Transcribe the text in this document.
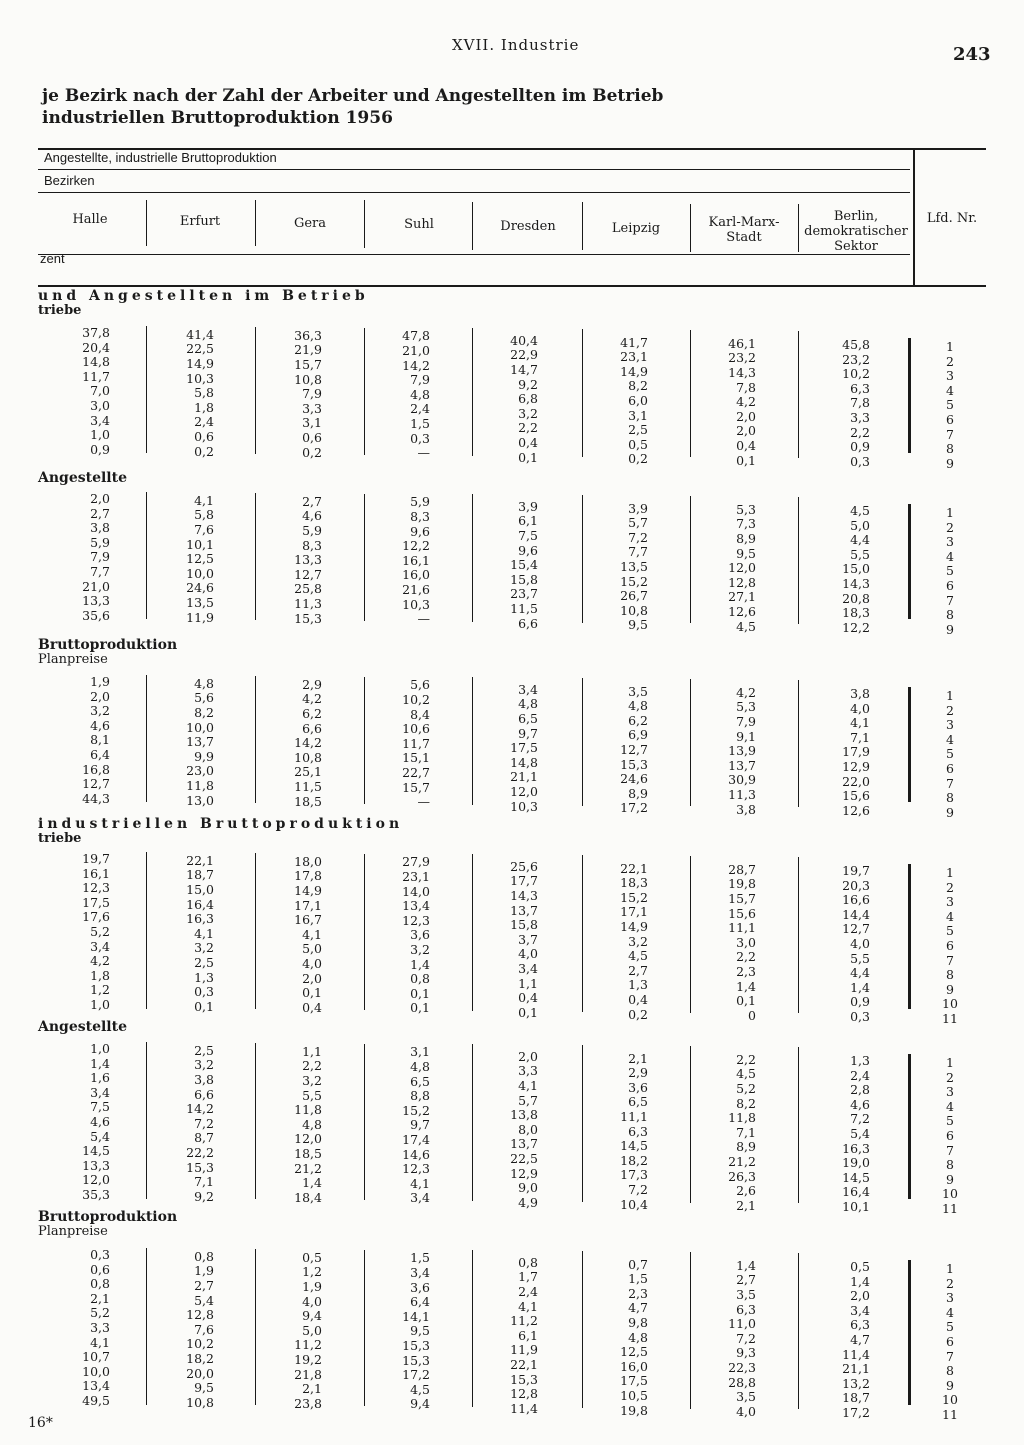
XVII. Industrie	243
je Bezirk nach der Zahl der Arbeiter und Angestellten im Betrieb
industriellen Bruttoproduktion 1956
Angestellte, industrielle Bruttoproduktion
Bezirken
Halle	Erfurt	Gera	Suhl	Dresden	Leipzig	Karl-Marx-
Stadt
Berlin,
demokratischer
Sektor
Lfd. Nr.
zent
und Angestellten im Betrieb
triebe
37,8	41,4	36,3	47,8	40,4	41,7	46,1	45,8	1
20,4	22,5	21,9	21,0	22,9	23,1	23,2	23,2	2
14,8	14,9	15,7	14,2	14,7	14,9	14,3	10,2	3
11,7	10,3	10,8	7,9	9,2	8,2	7,8	6,3	4
7,0	5,8	7,9	4,8	6,8	6,0	4,2	7,8	5
3,0	1,8	3,3	2,4	3,2	3,1	2,0	3,3	6
3,4	2,4	3,1	1,5	2,2	2,5	2,0	2,2	7
1,0	0,6	0,6	0,3	0,4	0,5	0,4	0,9	8
0,9	0,2	0,2	—	0,1	0,2	0,1	0,3	9
Angestellte
2,0	4,1	2,7	5,9	3,9	3,9	5,3	4,5	1
2,7	5,8	4,6	8,3	6,1	5,7	7,3	5,0	2
3,8	7,6	5,9	9,6	7,5	7,2	8,9	4,4	3
5,9	10,1	8,3	12,2	9,6	7,7	9,5	5,5	4
7,9	12,5	13,3	16,1	15,4	13,5	12,0	15,0	5
7,7	10,0	12,7	16,0	15,8	15,2	12,8	14,3	6
21,0	24,6	25,8	21,6	23,7	26,7	27,1	20,8	7
13,3	13,5	11,3	10,3	11,5	10,8	12,6	18,3	8
35,6	11,9	15,3	—	6,6	9,5	4,5	12,2	9
Bruttoproduktion
Planpreise
1,9	4,8	2,9	5,6	3,4	3,5	4,2	3,8	1
2,0	5,6	4,2	10,2	4,8	4,8	5,3	4,0	2
3,2	8,2	6,2	8,4	6,5	6,2	7,9	4,1	3
4,6	10,0	6,6	10,6	9,7	6,9	9,1	7,1	4
8,1	13,7	14,2	11,7	17,5	12,7	13,9	17,9	5
6,4	9,9	10,8	15,1	14,8	15,3	13,7	12,9	6
16,8	23,0	25,1	22,7	21,1	24,6	30,9	22,0	7
12,7	11,8	11,5	15,7	12,0	8,9	11,3	15,6	8
44,3	13,0	18,5	—	10,3	17,2	3,8	12,6	9
industriellen Bruttoproduktion
triebe
19,7	22,1	18,0	27,9	25,6	22,1	28,7	19,7	1
16,1	18,7	17,8	23,1	17,7	18,3	19,8	20,3	2
12,3	15,0	14,9	14,0	14,3	15,2	15,7	16,6	3
17,5	16,4	17,1	13,4	13,7	17,1	15,6	14,4	4
17,6	16,3	16,7	12,3	15,8	14,9	11,1	12,7	5
5,2	4,1	4,1	3,6	3,7	3,2	3,0	4,0	6
3,4	3,2	5,0	3,2	4,0	4,5	2,2	5,5	7
4,2	2,5	4,0	1,4	3,4	2,7	2,3	4,4	8
1,8	1,3	2,0	0,8	1,1	1,3	1,4	1,4	9
1,2	0,3	0,1	0,1	0,4	0,4	0,1	0,9	10
1,0	0,1	0,4	0,1	0,1	0,2	0	0,3	11
Angestellte
1,0	2,5	1,1	3,1	2,0	2,1	2,2	1,3	1
1,4	3,2	2,2	4,8	3,3	2,9	4,5	2,4	2
1,6	3,8	3,2	6,5	4,1	3,6	5,2	2,8	3
3,4	6,6	5,5	8,8	5,7	6,5	8,2	4,6	4
7,5	14,2	11,8	15,2	13,8	11,1	11,8	7,2	5
4,6	7,2	4,8	9,7	8,0	6,3	7,1	5,4	6
5,4	8,7	12,0	17,4	13,7	14,5	8,9	16,3	7
14,5	22,2	18,5	14,6	22,5	18,2	21,2	19,0	8
13,3	15,3	21,2	12,3	12,9	17,3	26,3	14,5	9
12,0	7,1	1,4	4,1	9,0	7,2	2,6	16,4	10
35,3	9,2	18,4	3,4	4,9	10,4	2,1	10,1	11
Bruttoproduktion
Planpreise
0,3	0,8	0,5	1,5	0,8	0,7	1,4	0,5	1
0,6	1,9	1,2	3,4	1,7	1,5	2,7	1,4	2
0,8	2,7	1,9	3,6	2,4	2,3	3,5	2,0	3
2,1	5,4	4,0	6,4	4,1	4,7	6,3	3,4	4
5,2	12,8	9,4	14,1	11,2	9,8	11,0	6,3	5
3,3	7,6	5,0	9,5	6,1	4,8	7,2	4,7	6
4,1	10,2	11,2	15,3	11,9	12,5	9,3	11,4	7
10,7	18,2	19,2	15,3	22,1	16,0	22,3	21,1	8
10,0	20,0	21,8	17,2	15,3	17,5	28,8	13,2	9
13,4	9,5	2,1	4,5	12,8	10,5	3,5	18,7	10
49,5	10,8	23,8	9,4	11,4	19,8	4,0	17,2	11
16*
